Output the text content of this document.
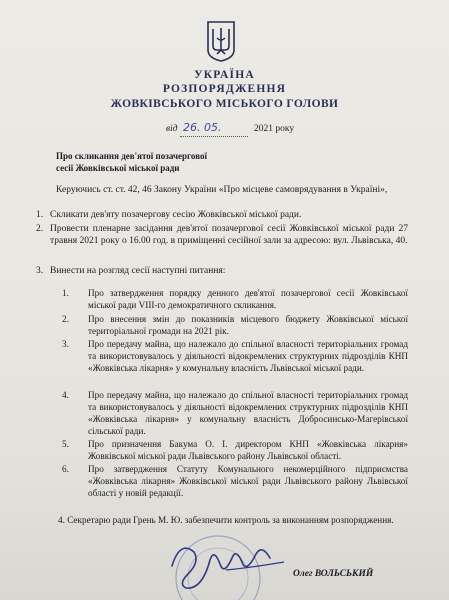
УКРАЇНА
РОЗПОРЯДЖЕННЯ
ЖОВКІВСЬКОГО МІСЬКОГО ГОЛОВИ
від 26. 05.	2021 року
Про скликання дев'ятої позачергової
сесії Жовківської міської ради
Керуючись ст. ст. 42, 46 Закону України «Про місцеве самоврядування в Україні»,
1. Скликати дев'яту позачергову сесію Жовківської міської ради.
2. Провести пленарне засідання дев'ятої позачергової сесії Жовківської міської ради 27 травня 2021 року о 16.00 год. в приміщенні сесійної зали за адресою: вул. Львівська, 40.
3. Винести на розгляд сесії наступні питання:
1. Про затвердження порядку денного дев'ятої позачергової сесії Жовківської міської ради VIII-го демократичного скликання.
2. Про внесення змін до показників місцевого бюджету Жовківської міської територіальної громади на 2021 рік.
3. Про передачу майна, що належало до спільної власності територіальних громад та використовувалось у діяльності відокремлених структурних підрозділів КНП «Жовківська лікарня» у комунальну власність Львівської міської ради.
4. Про передачу майна, що належало до спільної власності територіальних громад та використовувалось у діяльності відокремлених структурних підрозділів КНП «Жовківська лікарня» у комунальну власність Добросинсько-Магерівської сільської ради.
5. Про призначення Бакума О. І. директором КНП «Жовківська лікарня» Жовківської міської ради Львівського району Львівської області.
6. Про затвердження Статуту Комунального некомерційного підприємства «Жовківська лікарня» Жовківської міської ради Львівського району Львівської області у новій редакції.
4. Секретарю ради Грень М. Ю. забезпечити контроль за виконанням розпорядження.
Олег ВОЛЬСЬКИЙ
